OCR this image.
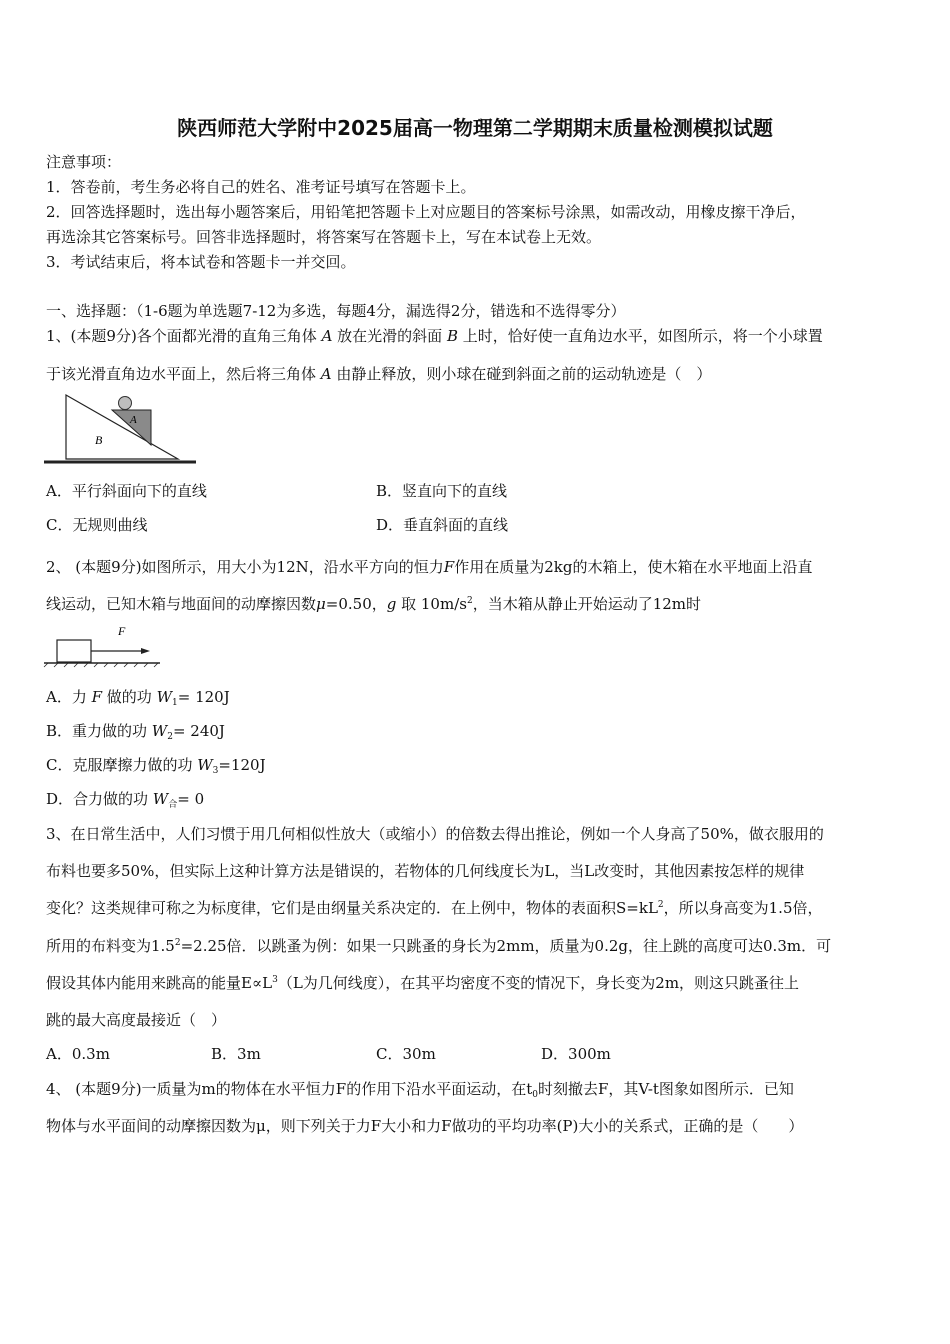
陕西师范大学附中2025届高一物理第二学期期末质量检测模拟试题
注意事项：
1．答卷前，考生务必将自己的姓名、准考证号填写在答题卡上。
2．回答选择题时，选出每小题答案后，用铅笔把答题卡上对应题目的答案标号涂黑，如需改动，用橡皮擦干净后，
再选涂其它答案标号。回答非选择题时，将答案写在答题卡上，写在本试卷上无效。
3．考试结束后，将本试卷和答题卡一并交回。
一、选择题：（1-6题为单选题7-12为多选，每题4分，漏选得2分，错选和不选得零分）
1、(本题9分)各个面都光滑的直角三角体 A 放在光滑的斜面 B 上时，恰好使一直角边水平，如图所示，将一个小球置
于该光滑直角边水平面上，然后将三角体 A 由静止释放，则小球在碰到斜面之前的运动轨迹是（　）
A
B
A．平行斜面向下的直线	B．竖直向下的直线
C．无规则曲线	D．垂直斜面的直线
2、 (本题9分)如图所示，用大小为12N，沿水平方向的恒力F作用在质量为2kg的木箱上，使木箱在水平地面上沿直
线运动，已知木箱与地面间的动摩擦因数μ=0.50，g 取 $10m/s^2$，当木箱从静止开始运动了12m时
F
A．力 F 做的功 $W_1= 120J$
B．重力做的功 $W_2= 240J$
C．克服摩擦力做的功 $W_3=120J$
D．合力做的功 $W_合= 0$
3、在日常生活中，人们习惯于用几何相似性放大（或缩小）的倍数去得出推论，例如一个人身高了50%，做衣服用的
布料也要多50%，但实际上这种计算方法是错误的，若物体的几何线度长为L，当L改变时，其他因素按怎样的规律
变化？这类规律可称之为标度律，它们是由纲量关系决定的．在上例中，物体的表面积$S=kL^2$，所以身高变为1.5倍，
所用的布料变为$1.5^2=2.25$倍．以跳蚤为例：如果一只跳蚤的身长为2mm，质量为0.2g，往上跳的高度可达0.3m．可
假设其体内能用来跳高的能量$E\propto L^3(L$为几何线度），在其平均密度不变的情况下，身长变为2m，则这只跳蚤往上
跳的最大高度最接近（　）
A．0.3m	B．3m	C．30m	D．300m
4、 (本题9分)一质量为m的物体在水平恒力F的作用下沿水平面运动，在$t_0$时刻撤去F，其V-t图象如图所示．已知
物体与水平面间的动摩擦因数为μ，则下列关于力F大小和力F做功的平均功率(P)大小的关系式，正确的是（　　）
